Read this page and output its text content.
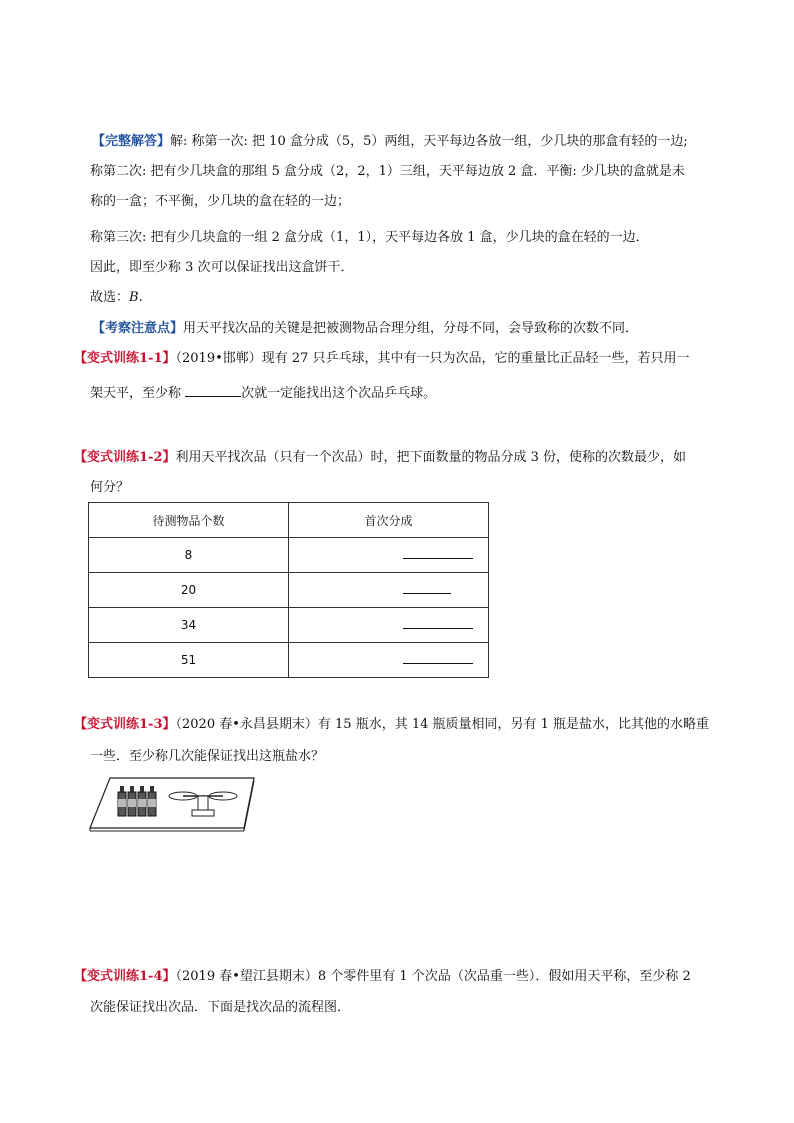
【完整解答】解: 称第一次: 把 10 盒分成（5，5）两组，天平每边各放一组，少几块的那盒有轻的一边;
称第二次: 把有少几块盒的那组 5 盒分成（2，2，1）三组，天平每边放 2 盒．平衡: 少几块的盒就是未
称的一盒；不平衡，少几块的盒在轻的一边；
称第三次: 把有少几块盒的一组 2 盒分成（1，1），天平每边各放 1 盒，少几块的盒在轻的一边．
因此，即至少称 3 次可以保证找出这盒饼干．
故选：B.
【考察注意点】用天平找次品的关键是把被测物品合理分组，分母不同，会导致称的次数不同．
【变式训练1-1】（2019•邯郸）现有 27 只乒乓球，其中有一只为次品，它的重量比正品轻一些，若只用一
架天平，至少称	次就一定能找出这个次品乒乓球。
【变式训练1-2】利用天平找次品（只有一个次品）时，把下面数量的物品分成 3 份，使称的次数最少，如
何分？
待测物品个数	首次分成
8	
20	
34	
51	
【变式训练1-3】（2020 春•永昌县期末）有 15 瓶水，其 14 瓶质量相同，另有 1 瓶是盐水，比其他的水略重
一些．至少称几次能保证找出这瓶盐水？
【变式训练1-4】（2019 春•望江县期末）8 个零件里有 1 个次品（次品重一些）．假如用天平称，至少称 2
次能保证找出次品．下面是找次品的流程图．
